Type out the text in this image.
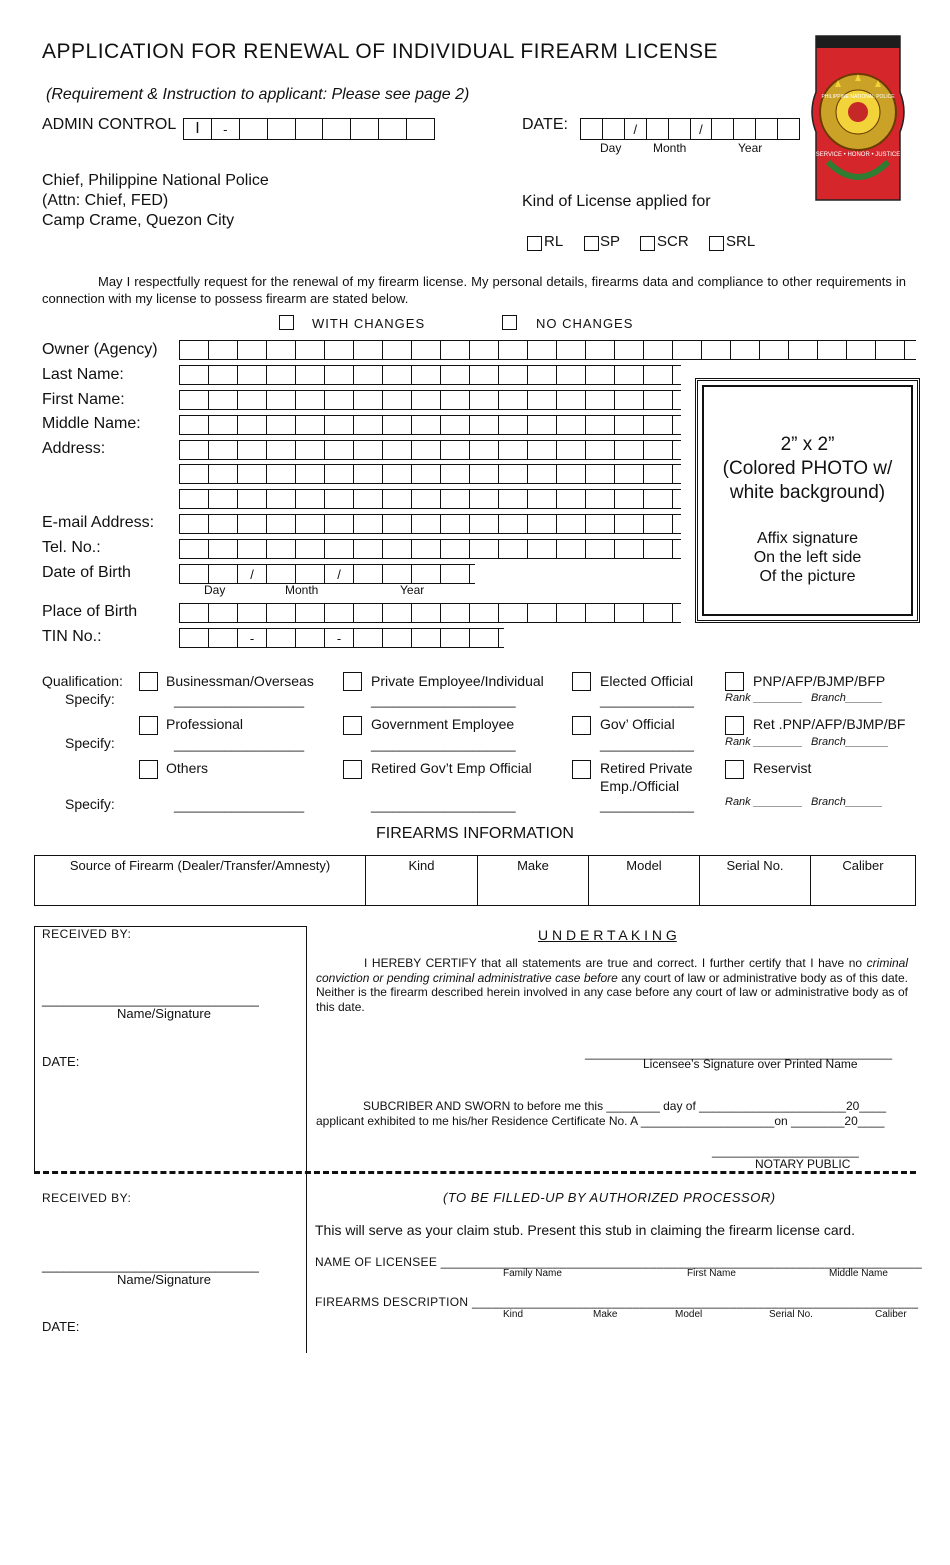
APPLICATION FOR RENEWAL OF INDIVIDUAL FIREARM LICENSE
(Requirement & Instruction to applicant: Please see page 2)
ADMIN CONTROL	I	-	DATE:	/	/
Day	Month	Year	SERVICE • HONOR • JUSTICE
PHILIPPINE NATIONAL POLICE
Chief, Philippine National Police
(Attn: Chief, FED)
Camp Crame, Quezon City
Kind of License applied for
RL SP SCR SRL
May I respectfully request for the renewal of my firearm license. My personal details, firearms data and compliance to other requirements in connection with my license to possess firearm are stated below.
WITH CHANGES	NO CHANGES
Owner (Agency)
Last Name:
First Name:
Middle Name:
Address:
E-mail Address:
Tel. No.:
Date of Birth
Place of Birth
TIN No.:
/	/
Day	Month	Year
-	-
2” x 2”
(Colored PHOTO w/
white background)
Affix signature
On the left side
Of the picture
Qualification:
Specify:
Specify:
Specify:
Businessman/Overseas
__________________
Private Employee/Individual
____________________
Elected Official
_____________
PNP/AFP/BJMP/BFP
Rank ________ Branch______
Professional
__________________
Government Employee
____________________
Gov’ Official
_____________
Ret .PNP/AFP/BJMP/BF
Rank ________ Branch_______
Others
__________________
Retired Gov’t Emp Official
____________________
Retired Private
Emp./Official
_____________
Reservist
Rank ________ Branch______
FIREARMS INFORMATION
Source of Firearm (Dealer/Transfer/Amnesty)	Kind	Make	Model	Serial No.	Caliber
RECEIVED BY:
______________________________
Name/Signature
DATE:
U N D E R T A K I N G
I HEREBY CERTIFY that all statements are true and correct. I further certify that I have no criminal conviction or pending criminal administrative case before any court of law or administrative body as of this date. Neither is the firearm described herein involved in any case before any court of law or administrative body as of this date.
______________________________________________
Licensee’s Signature over Printed Name
SUBCRIBER AND SWORN to before me this ________ day of ______________________20____
applicant exhibited to me his/her Residence Certificate No. A ____________________on ________20____
______________________
NOTARY PUBLIC
RECEIVED BY:
______________________________
Name/Signature
DATE:
(TO BE FILLED-UP BY AUTHORIZED PROCESSOR)
This will serve as your claim stub. Present this stub in claiming the firearm license card.
NAME OF LICENSEE _____________________________________________________________________
Family Name	First Name	Middle Name
FIREARMS DESCRIPTION ________________________________________________________________
Kind	Make	Model	Serial No.	Caliber
